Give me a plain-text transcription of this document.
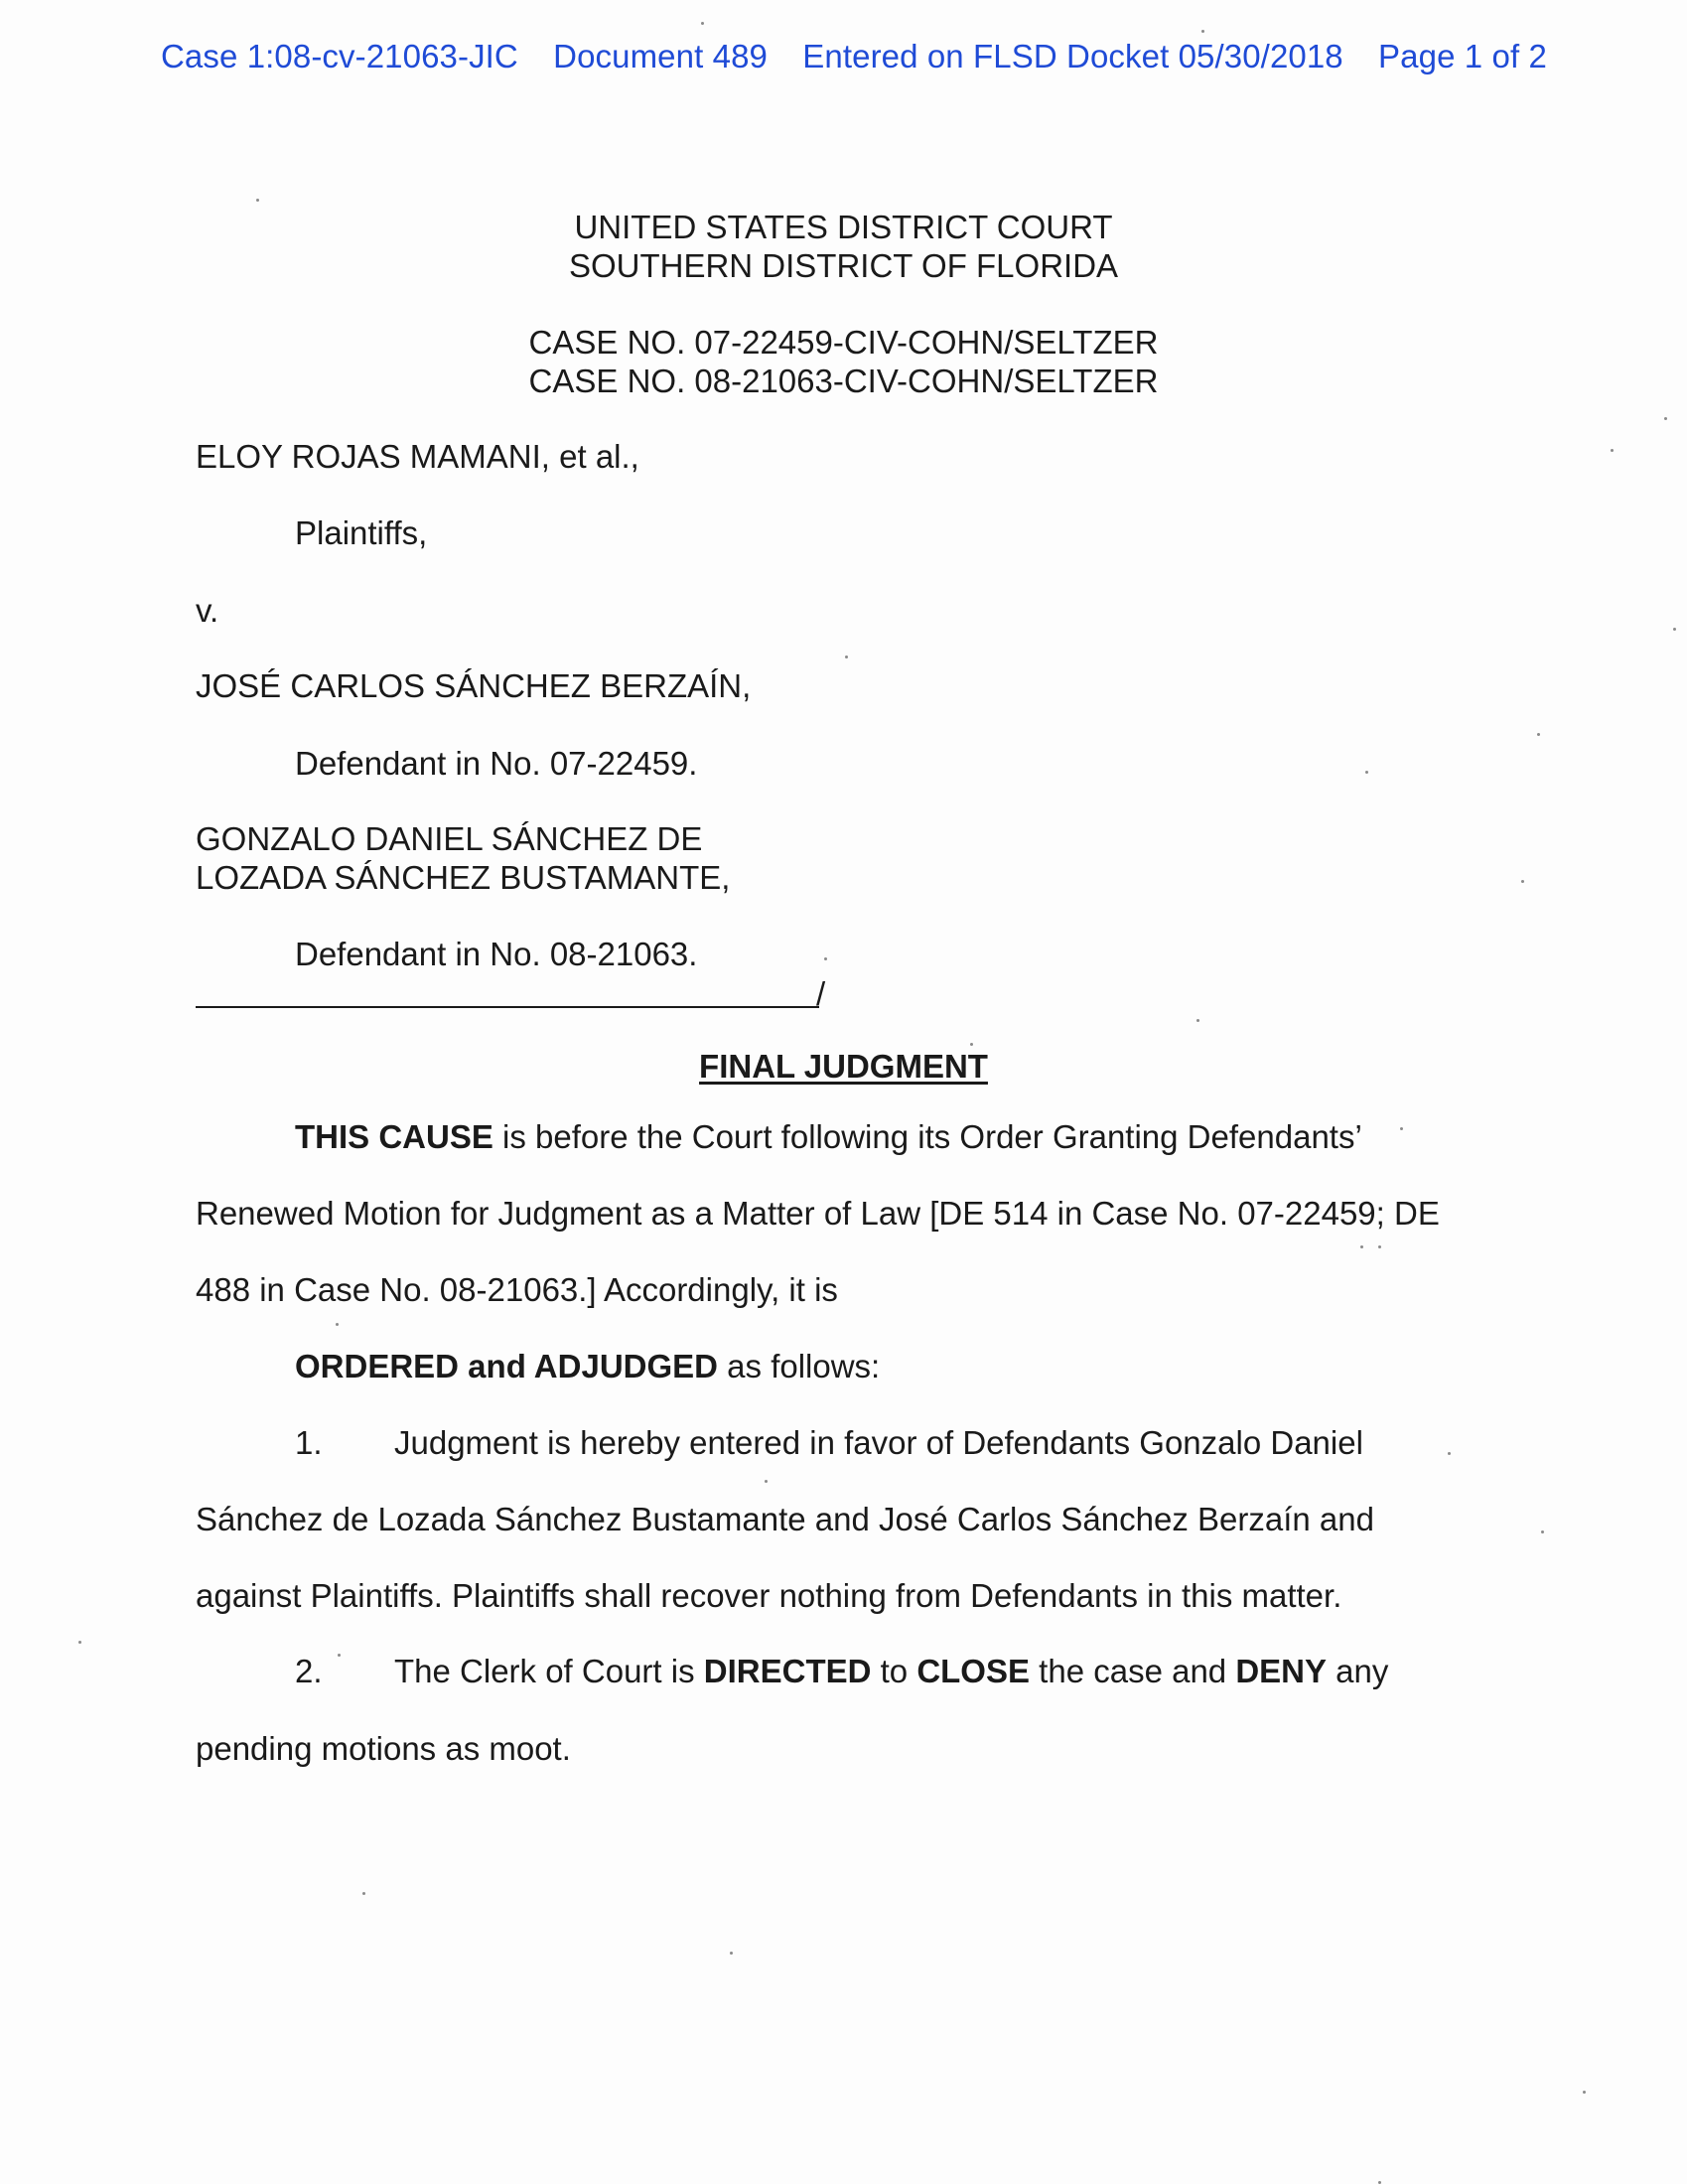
Case 1:08-cv-21063-JIC Document 489 Entered on FLSD Docket 05/30/2018 Page 1 of 2
UNITED STATES DISTRICT COURT
SOUTHERN DISTRICT OF FLORIDA
CASE NO. 07-22459-CIV-COHN/SELTZER
CASE NO. 08-21063-CIV-COHN/SELTZER
ELOY ROJAS MAMANI, et al.,
Plaintiffs,
v.
JOSÉ CARLOS SÁNCHEZ BERZAÍN,
Defendant in No. 07-22459.
GONZALO DANIEL SÁNCHEZ DE
LOZADA SÁNCHEZ BUSTAMANTE,
Defendant in No. 08-21063.
/
FINAL JUDGMENT
THIS CAUSE is before the Court following its Order Granting Defendants’
Renewed Motion for Judgment as a Matter of Law [DE 514 in Case No. 07-22459; DE
488 in Case No. 08-21063.] Accordingly, it is
ORDERED and ADJUDGED as follows:
1. Judgment is hereby entered in favor of Defendants Gonzalo Daniel
Sánchez de Lozada Sánchez Bustamante and José Carlos Sánchez Berzaín and
against Plaintiffs. Plaintiffs shall recover nothing from Defendants in this matter.
2. The Clerk of Court is DIRECTED to CLOSE the case and DENY any
pending motions as moot.
